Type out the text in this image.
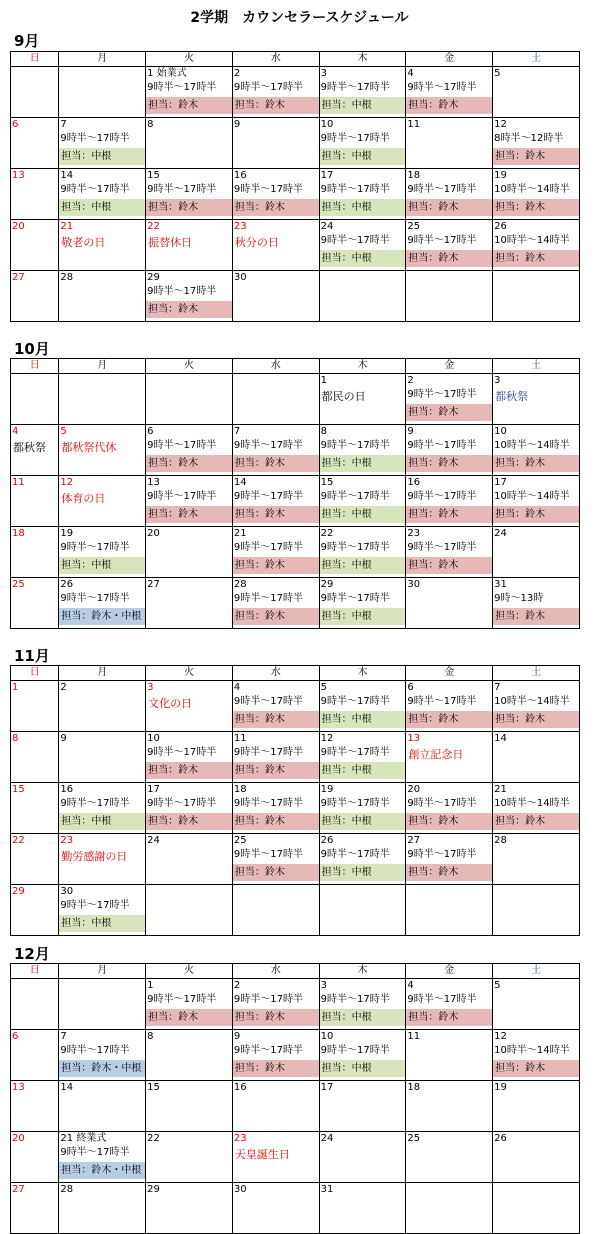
2学期　カウンセラースケジュール
9月
日	月	火	水	木	金	土

		1 始業式
9時半～17時半
担当：鈴木	2
9時半～17時半
担当：鈴木	3
9時半～17時半
担当：中根	4
9時半～17時半
担当：鈴木	5

6	7
9時半～17時半
担当：中根	8	9	10
9時半～17時半
担当：中根	11	12
8時半～12時半
担当：鈴木

13	14
9時半～17時半
担当：中根	15
9時半～17時半
担当：鈴木	16
9時半～17時半
担当：鈴木	17
9時半～17時半
担当：中根	18
9時半～17時半
担当：鈴木	19
10時半～14時半
担当：鈴木

20	21
敬老の日	22
振替休日	23
秋分の日	24
9時半～17時半
担当：中根	25
9時半～17時半
担当：鈴木	26
10時半～14時半
担当：鈴木

27	28	29
9時半～17時半
担当：鈴木	30			

10月
日	月	火	水	木	金	土

				1
都民の日	2
9時半～17時半
担当：鈴木	3
都秋祭

4
都秋祭	5
都秋祭代休	6
9時半～17時半
担当：鈴木	7
9時半～17時半
担当：鈴木	8
9時半～17時半
担当：中根	9
9時半～17時半
担当：鈴木	10
10時半～14時半
担当：鈴木

11	12
体育の日	13
9時半～17時半
担当：鈴木	14
9時半～17時半
担当：鈴木	15
9時半～17時半
担当：中根	16
9時半～17時半
担当：鈴木	17
10時半～14時半
担当：鈴木

18	19
9時半～17時半
担当：中根	20	21
9時半～17時半
担当：鈴木	22
9時半～17時半
担当：中根	23
9時半～17時半
担当：鈴木	24

25	26
9時半～17時半
担当：鈴木・中根	27	28
9時半～17時半
担当：鈴木	29
9時半～17時半
担当：中根	30	31
9時～13時
担当：鈴木
11月
日	月	火	水	木	金	土

1	2	3
文化の日	4
9時半～17時半
担当：鈴木	5
9時半～17時半
担当：中根	6
9時半～17時半
担当：鈴木	7
10時半～14時半
担当：鈴木

8	9	10
9時半～17時半
担当：鈴木	11
9時半～17時半
担当：鈴木	12
9時半～17時半
担当：中根	13
創立記念日	14

15	16
9時半～17時半
担当：中根	17
9時半～17時半
担当：鈴木	18
9時半～17時半
担当：鈴木	19
9時半～17時半
担当：中根	20
9時半～17時半
担当：鈴木	21
10時半～14時半
担当：鈴木

22	23
勤労感謝の日	24	25
9時半～17時半
担当：鈴木	26
9時半～17時半
担当：中根	27
9時半～17時半
担当：鈴木	28

29	30
9時半～17時半
担当：中根					

12月
日	月	火	水	木	金	土

		1
9時半～17時半
担当：鈴木	2
9時半～17時半
担当：鈴木	3
9時半～17時半
担当：中根	4
9時半～17時半
担当：鈴木	5

6	7
9時半～17時半
担当：鈴木・中根	8	9
9時半～17時半
担当：鈴木	10
9時半～17時半
担当：中根	11	12
10時半～14時半
担当：鈴木

13	14	15	16	17	18	19

20	21 終業式
9時半～17時半
担当：鈴木・中根	22	23
天皇誕生日	24	25	26

27	28	29	30	31		
